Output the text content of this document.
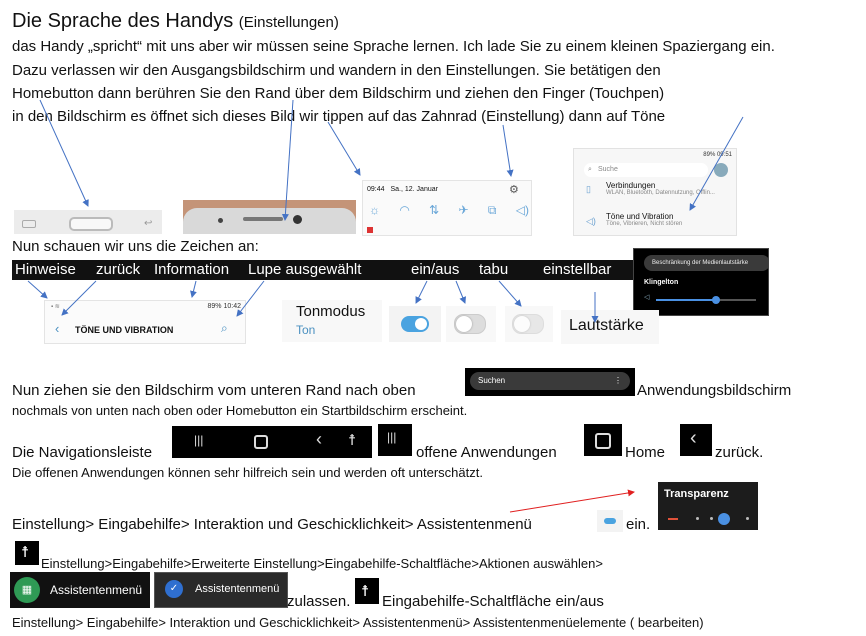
Die Sprache des Handys (Einstellungen)
das Handy „spricht“ mit uns aber wir müssen seine Sprache lernen. Ich lade Sie zu einem kleinen Spaziergang ein.
Dazu verlassen wir den Ausgangsbildschirm und wandern in den Einstellungen. Sie betätigen den
Homebutton dann berühren Sie den Rand über dem Bildschirm und ziehen den Finger (Touchpen)
in den Bildschirm es öffnet sich dieses Bild wir tippen auf das Zahnrad (Einstellung) dann auf Töne
↩
09:44 Sa., 12. Januar	⚙
☼ ◠ ⇅ ✈ ⧉ ◁)
89% 09:51
⌕ Suche
▯ Verbindungen
WLAN, Bluetooth, Datennutzung, Offlin...
◁) Töne und Vibration
Töne, Vibrieren, Nicht stören
Nun schauen wir uns die Zeichen an:
Hinweise zurück Information Lupe ausgewählt	ein/aus tabu einstellbar	Beschränkung der Medienlautstärke
Klingelton
◁
▪ ≋	89% 10:42
‹ TÖNE UND VIBRATION	⌕
Tonmodus
Ton	Lautstärke
Nun ziehen sie den Bildschirm vom unteren Rand nach oben
Suchen	⋮
Anwendungsbildschirm
nochmals von unten nach oben oder Homebutton ein Startbildschirm erscheint.
Die Navigationsleiste
|||	‹ ☨	|||
offene Anwendungen	Home
‹
zurück.
Die offenen Anwendungen können sehr hilfreich sein und werden oft unterschätzt.
Einstellung> Eingabehilfe> Interaktion und Geschicklichkeit> Assistentenmenü	ein.
Transparenz
☨
Einstellung>Eingabehilfe>Erweiterte Einstellung>Eingabehilfe-Schaltfläche>Aktionen auswählen>
▦	Assistentenmenü	✓	Assistentenmenü
zulassen.
☨
Eingabehilfe-Schaltfläche ein/aus
Einstellung> Eingabehilfe> Interaktion und Geschicklichkeit> Assistentenmenü> Assistentenmenüelemente ( bearbeiten)
